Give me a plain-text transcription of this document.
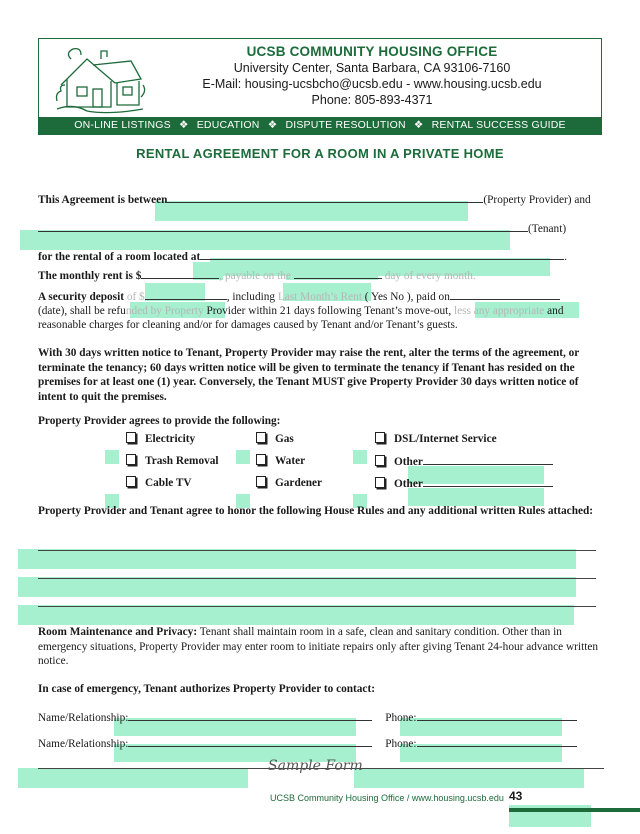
UCSB COMMUNITY HOUSING OFFICE
University Center, Santa Barbara, CA 93106-7160
E-Mail: housing-ucsbcho@ucsb.edu - www.housing.ucsb.edu
Phone: 805-893-4371
ON-LINE LISTINGS ❖ EDUCATION ❖ DISPUTE RESOLUTION ❖ RENTAL SUCCESS GUIDE
RENTAL AGREEMENT FOR A ROOM IN A PRIVATE HOME
This Agreement is between	(Property Provider) and
(Tenant)
for the rental of a room located at	.
The monthly rent is $	, payable on the	day of every month.
A security deposit of $	, including Last Month’s Rent ( Yes No ), paid on
(date), shall be refunded by Property Provider within 21 days following Tenant’s move-out, less any appropriate and
reasonable charges for cleaning and/or for damages caused by Tenant and/or Tenant’s guests.
With 30 days written notice to Tenant, Property Provider may raise the rent, alter the terms of the agreement, or terminate the tenancy; 60 days written notice will be given to terminate the tenancy if Tenant has resided on the premises for at least one (1) year. Conversely, the Tenant MUST give Property Provider 30 days written notice of intent to quit the premises.
Property Provider agrees to provide the following:
Electricity	Gas	DSL/Internet Service
Trash Removal	Water	Other
Cable TV	Gardener	Other
Property Provider and Tenant agree to honor the following House Rules and any additional written Rules attached:
Room Maintenance and Privacy: Tenant shall maintain room in a safe, clean and sanitary condition. Other than in emergency situations, Property Provider may enter room to initiate repairs only after giving Tenant 24-hour advance written notice.
In case of emergency, Tenant authorizes Property Provider to contact:
Name/Relationship:	Phone:
Name/Relationship:	Phone:
Sample Form
UCSB Community Housing Office / www.housing.ucsb.edu 43
